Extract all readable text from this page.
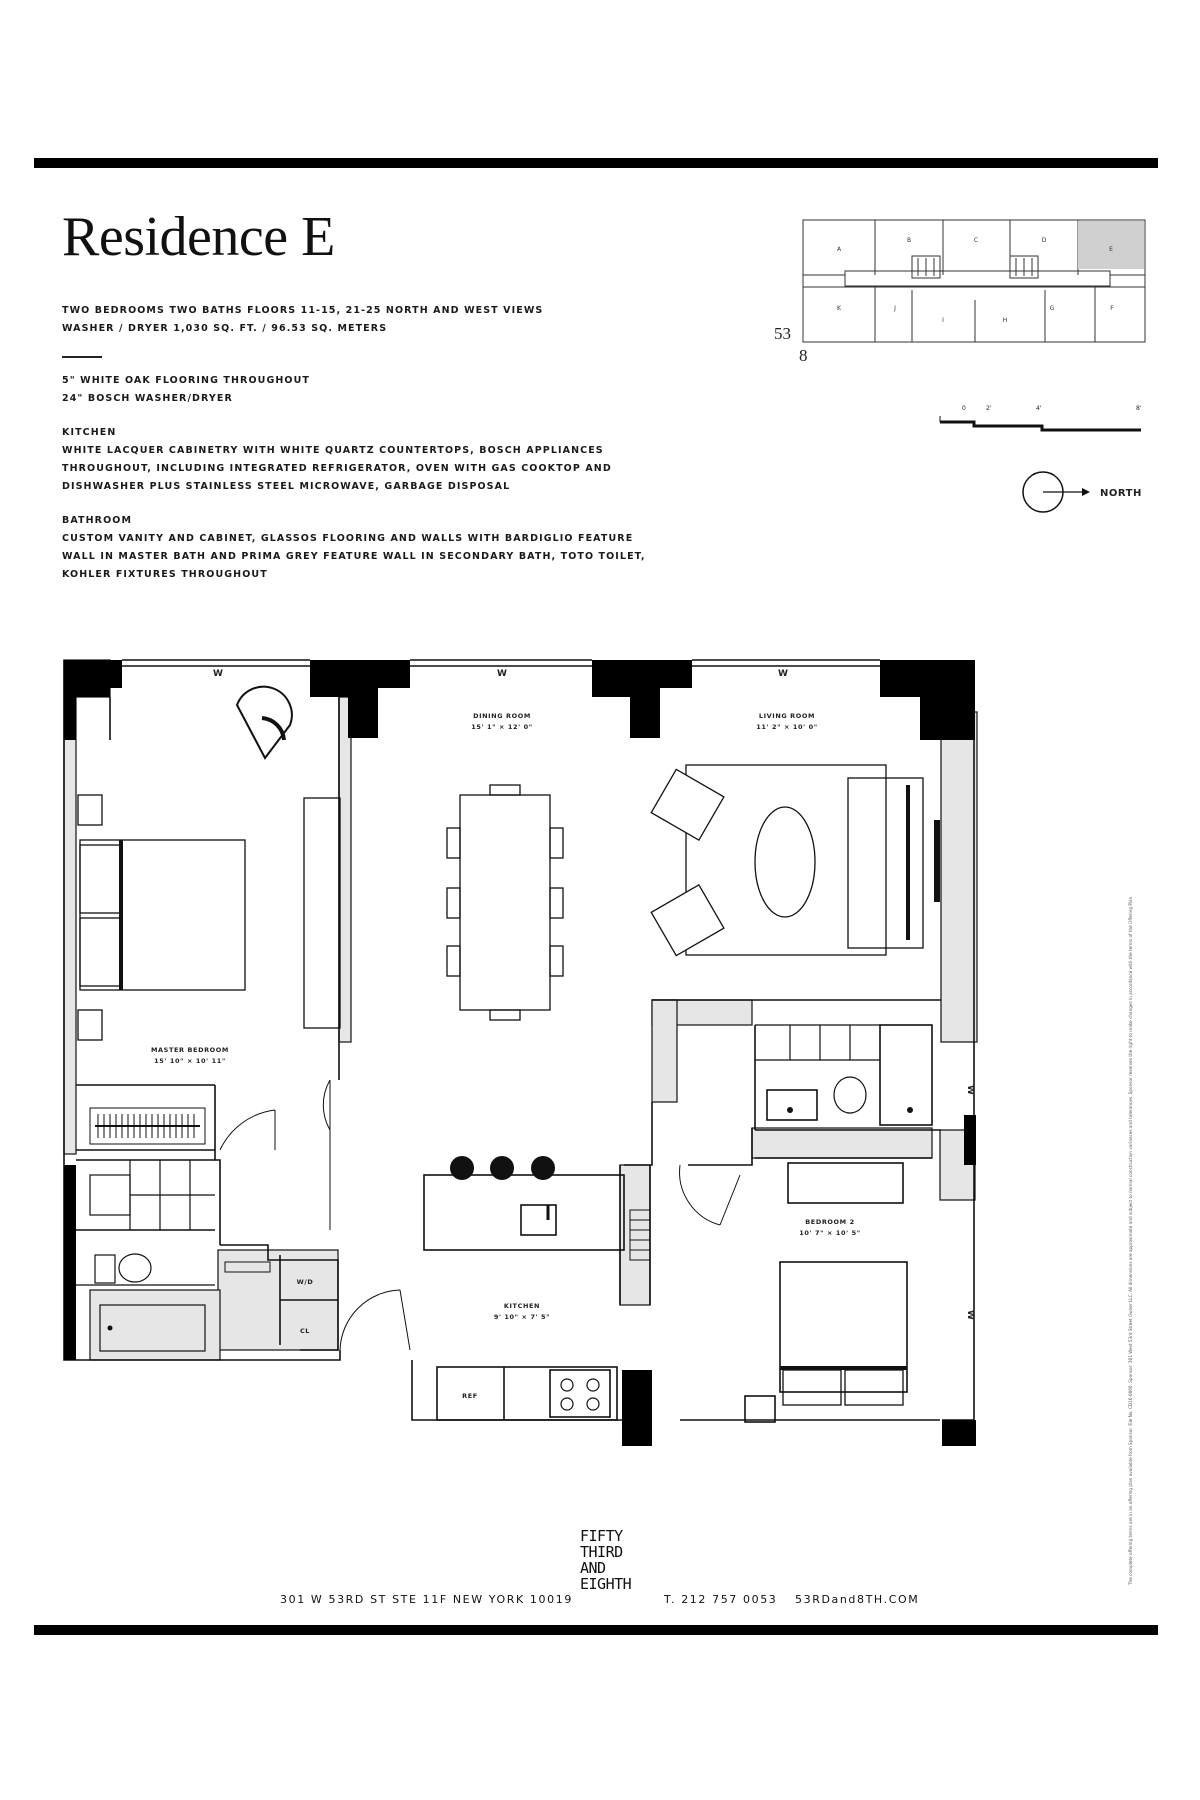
Residence E
TWO BEDROOMS TWO BATHS FLOORS 11-15, 21-25 NORTH AND WEST VIEWS
WASHER / DRYER 1,030 SQ. FT. / 96.53 SQ. METERS
5" WHITE OAK FLOORING THROUGHOUT
24" BOSCH WASHER/DRYER
KITCHEN
WHITE LACQUER CABINETRY WITH WHITE QUARTZ COUNTERTOPS, BOSCH APPLIANCES
THROUGHOUT, INCLUDING INTEGRATED REFRIGERATOR, OVEN WITH GAS COOKTOP AND
DISHWASHER PLUS STAINLESS STEEL MICROWAVE, GARBAGE DISPOSAL
BATHROOM
CUSTOM VANITY AND CABINET, GLASSOS FLOORING AND WALLS WITH BARDIGLIO FEATURE
WALL IN MASTER BATH AND PRIMA GREY FEATURE WALL IN SECONDARY BATH, TOTO TOILET,
KOHLER FIXTURES THROUGHOUT
A
B	C	D
E
K	J
I	H
G	F
53
8
0	2'	4'	8'
NORTH
W	W	W
W
W
DINING ROOM
15' 1" × 12' 0"
LIVING ROOM
11' 2" × 10' 0"
MASTER BEDROOM
15' 10" × 10' 11"
KITCHEN
9' 10" × 7' 5"
BEDROOM 2
10' 7" × 10' 5"
W/D
CL
REF
FIFTY
THIRD
AND
EIGHTH
301 W 53RD ST STE 11F NEW YORK 10019	T. 212 757 0053 53RDand8TH.COM
The complete offering terms are in an offering plan available from Sponsor. File No. CD16-0060. Sponsor: 301 West 53rd Street Owner LLC. All dimensions are approximate and subject to normal construction variances and tolerances. Sponsor reserves the right to make changes in accordance with the terms of the Offering Plan.
